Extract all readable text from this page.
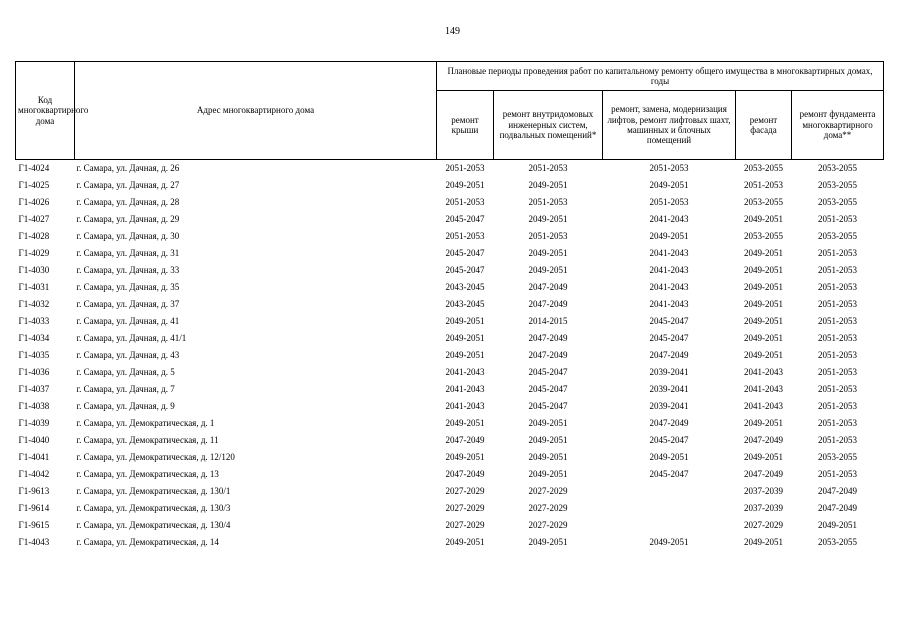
149
Код многоквартирного дома	Адрес многоквартирного дома	Плановые периоды проведения работ по капитальному ремонту общего имущества в многоквартирных домах, годы				
		ремонт крыши	ремонт внутридомовых инженерных систем, подвальных помещений*	ремонт, замена, модернизация лифтов, ремонт лифтовых шахт, машинных и блочных помещений	ремонт фасада	ремонт фундамента многоквартирного дома**
Г1-4024	г. Самара, ул. Дачная, д. 26	2051-2053	2051-2053	2051-2053	2053-2055	2053-2055
Г1-4025	г. Самара, ул. Дачная, д. 27	2049-2051	2049-2051	2049-2051	2051-2053	2053-2055
Г1-4026	г. Самара, ул. Дачная, д. 28	2051-2053	2051-2053	2051-2053	2053-2055	2053-2055
Г1-4027	г. Самара, ул. Дачная, д. 29	2045-2047	2049-2051	2041-2043	2049-2051	2051-2053
Г1-4028	г. Самара, ул. Дачная, д. 30	2051-2053	2051-2053	2049-2051	2053-2055	2053-2055
Г1-4029	г. Самара, ул. Дачная, д. 31	2045-2047	2049-2051	2041-2043	2049-2051	2051-2053
Г1-4030	г. Самара, ул. Дачная, д. 33	2045-2047	2049-2051	2041-2043	2049-2051	2051-2053
Г1-4031	г. Самара, ул. Дачная, д. 35	2043-2045	2047-2049	2041-2043	2049-2051	2051-2053
Г1-4032	г. Самара, ул. Дачная, д. 37	2043-2045	2047-2049	2041-2043	2049-2051	2051-2053
Г1-4033	г. Самара, ул. Дачная, д. 41	2049-2051	2014-2015	2045-2047	2049-2051	2051-2053
Г1-4034	г. Самара, ул. Дачная, д. 41/1	2049-2051	2047-2049	2045-2047	2049-2051	2051-2053
Г1-4035	г. Самара, ул. Дачная, д. 43	2049-2051	2047-2049	2047-2049	2049-2051	2051-2053
Г1-4036	г. Самара, ул. Дачная, д. 5	2041-2043	2045-2047	2039-2041	2041-2043	2051-2053
Г1-4037	г. Самара, ул. Дачная, д. 7	2041-2043	2045-2047	2039-2041	2041-2043	2051-2053
Г1-4038	г. Самара, ул. Дачная, д. 9	2041-2043	2045-2047	2039-2041	2041-2043	2051-2053
Г1-4039	г. Самара, ул. Демократическая, д. 1	2049-2051	2049-2051	2047-2049	2049-2051	2051-2053
Г1-4040	г. Самара, ул. Демократическая, д. 11	2047-2049	2049-2051	2045-2047	2047-2049	2051-2053
Г1-4041	г. Самара, ул. Демократическая, д. 12/120	2049-2051	2049-2051	2049-2051	2049-2051	2053-2055
Г1-4042	г. Самара, ул. Демократическая, д. 13	2047-2049	2049-2051	2045-2047	2047-2049	2051-2053
Г1-9613	г. Самара, ул. Демократическая, д. 130/1	2027-2029	2027-2029		2037-2039	2047-2049
Г1-9614	г. Самара, ул. Демократическая, д. 130/3	2027-2029	2027-2029		2037-2039	2047-2049
Г1-9615	г. Самара, ул. Демократическая, д. 130/4	2027-2029	2027-2029		2027-2029	2049-2051
Г1-4043	г. Самара, ул. Демократическая, д. 14	2049-2051	2049-2051	2049-2051	2049-2051	2053-2055
